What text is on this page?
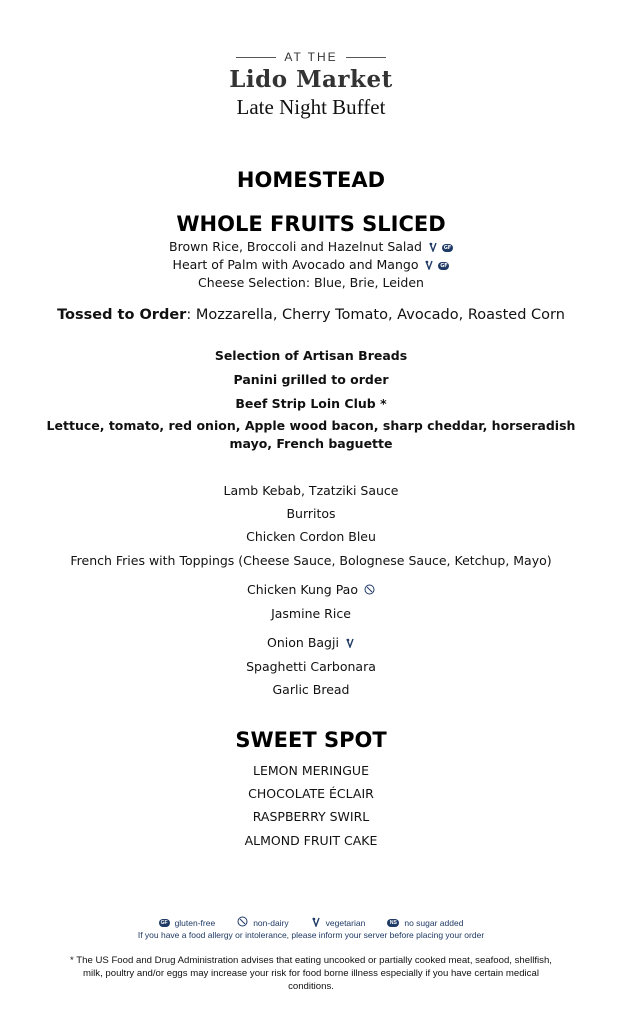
AT THE
Lido Market
Late Night Buffet
HOMESTEAD
WHOLE FRUITS SLICED
Brown Rice, Broccoli and Hazelnut Salad	GF
Heart of Palm with Avocado and Mango	GF
Cheese Selection: Blue, Brie, Leiden
Tossed to Order: Mozzarella, Cherry Tomato, Avocado, Roasted Corn
Selection of Artisan Breads
Panini grilled to order
Beef Strip Loin Club *
Lettuce, tomato, red onion, Apple wood bacon, sharp cheddar, horseradish
mayo, French baguette
Lamb Kebab, Tzatziki Sauce
Burritos
Chicken Cordon Bleu
French Fries with Toppings (Cheese Sauce, Bolognese Sauce, Ketchup, Mayo)
Chicken Kung Pao
Jasmine Rice
Onion Bagji
Spaghetti Carbonara
Garlic Bread
SWEET SPOT
LEMON MERINGUE
CHOCOLATE ÉCLAIR
RASPBERRY SWIRL
ALMOND FRUIT CAKE
GF gluten-free	non-dairy	vegetarian	NS no sugar added
If you have a food allergy or intolerance, please inform your server before placing your order
* The US Food and Drug Administration advises that eating uncooked or partially cooked meat, seafood, shellfish, milk, poultry and/or eggs may increase your risk for food borne illness especially if you have certain medical conditions.
